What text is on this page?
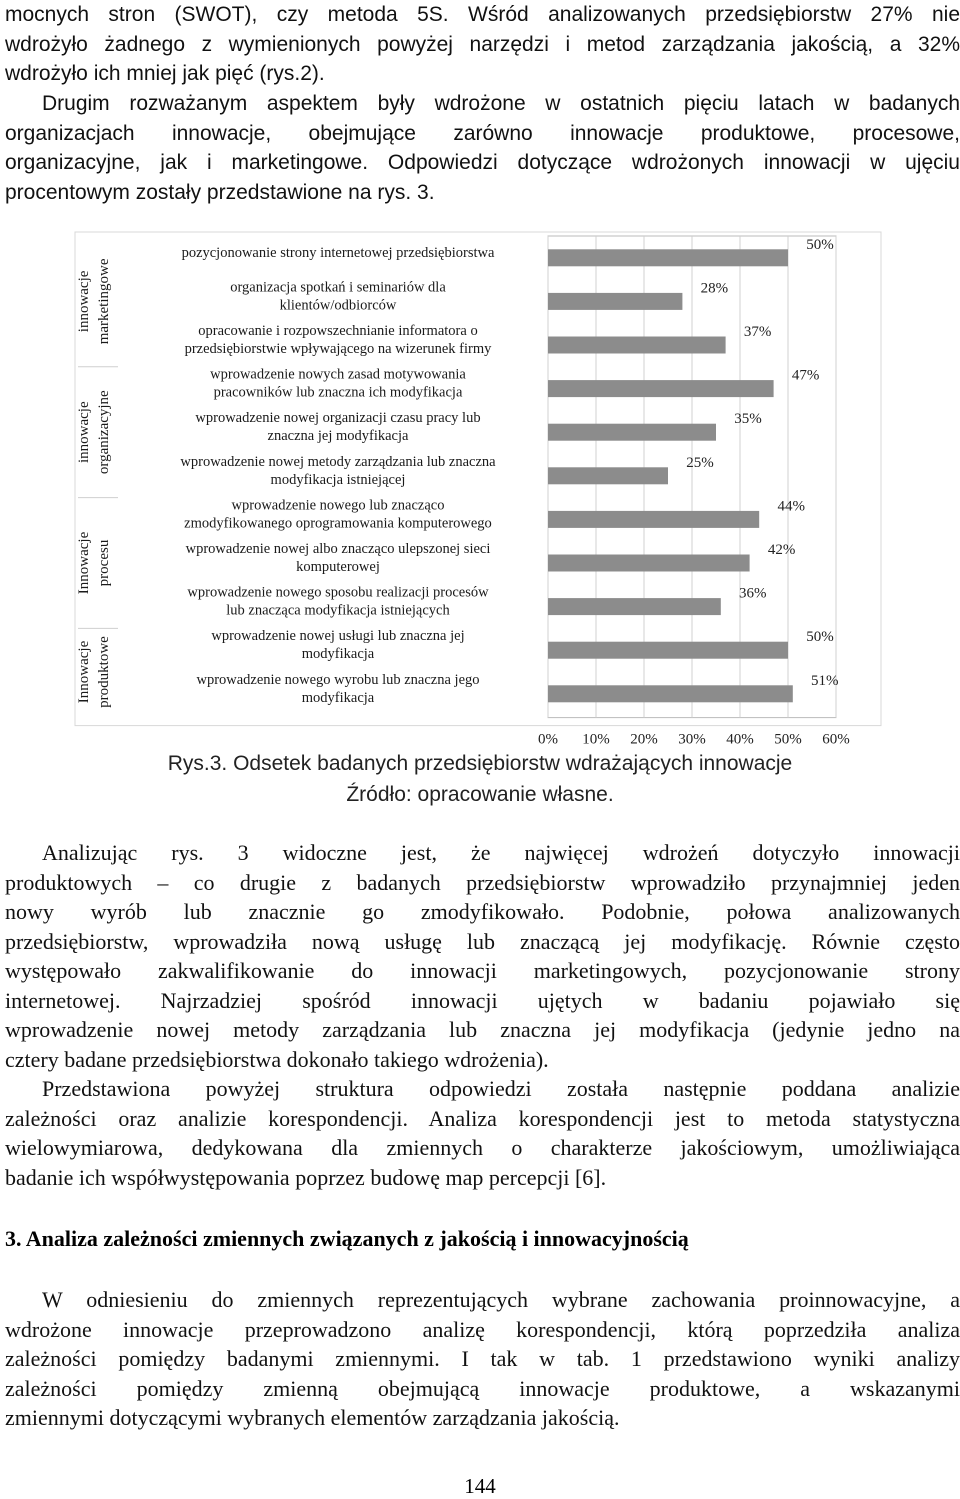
mocnych stron (SWOT), czy metoda 5S. Wśród analizowanych przedsiębiorstw 27% nie
wdrożyło żadnego z wymienionych powyżej narzędzi i metod zarządzania jakością, a 32%
wdrożyło ich mniej jak pięć (rys.2).
Drugim rozważanym aspektem były wdrożone w ostatnich pięciu latach w badanych
organizacjach innowacje, obejmujące zarówno innowacje produktowe, procesowe,
organizacyjne, jak i marketingowe. Odpowiedzi dotyczące wdrożonych innowacji w ujęciu
procentowym zostały przedstawione na rys. 3.
innowacje marketingowe
innowacje organizacyjne
Innowacje procesu
Innowacje produktowe
pozycjonowanie strony internetowej przedsiębiorstwa
organizacja spotkań i seminariów dla
klientów/odbiorców
opracowanie i rozpowszechnianie informatora o
przedsiębiorstwie wpływającego na wizerunek firmy
wprowadzenie nowych zasad motywowania
pracowników lub znaczna ich modyfikacja
wprowadzenie nowej organizacji czasu pracy lub
znaczna jej modyfikacja
wprowadzenie nowej metody zarządzania lub znaczna
modyfikacja istniejącej
wprowadzenie nowego lub znacząco
zmodyfikowanego oprogramowania komputerowego
wprowadzenie nowej albo znacząco ulepszonej sieci
komputerowej
wprowadzenie nowego sposobu realizacji procesów
lub znacząca modyfikacja istniejących
wprowadzenie nowej usługi lub znaczna jej
modyfikacja
wprowadzenie nowego wyrobu lub znaczna jego
modyfikacja
50%
28%
37%
47%
35%
25%
44%
42%
36%
50%
51%
0% 10% 20% 30% 40% 50% 60%
Rys.3. Odsetek badanych przedsiębiorstw wdrażających innowacje
Źródło: opracowanie własne.
Analizując rys. 3 widoczne jest, że najwięcej wdrożeń dotyczyło innowacji
produktowych – co drugie z badanych przedsiębiorstw wprowadziło przynajmniej jeden
nowy wyrób lub znacznie go zmodyfikowało. Podobnie, połowa analizowanych
przedsiębiorstw, wprowadziła nową usługę lub znaczącą jej modyfikację. Równie często
występowało zakwalifikowanie do innowacji marketingowych, pozycjonowanie strony
internetowej. Najrzadziej spośród innowacji ujętych w badaniu pojawiało się
wprowadzenie nowej metody zarządzania lub znaczna jej modyfikacja (jedynie jedno na
cztery badane przedsiębiorstwa dokonało takiego wdrożenia).
Przedstawiona powyżej struktura odpowiedzi została następnie poddana analizie
zależności oraz analizie korespondencji. Analiza korespondencji jest to metoda statystyczna
wielowymiarowa, dedykowana dla zmiennych o charakterze jakościowym, umożliwiająca
badanie ich współwystępowania poprzez budowę map percepcji [6].
3. Analiza zależności zmiennych związanych z jakością i innowacyjnością
W odniesieniu do zmiennych reprezentujących wybrane zachowania proinnowacyjne, a
wdrożone innowacje przeprowadzono analizę korespondencji, którą poprzedziła analiza
zależności pomiędzy badanymi zmiennymi. I tak w tab. 1 przedstawiono wyniki analizy
zależności pomiędzy zmienną obejmującą innowacje produktowe, a wskazanymi
zmiennymi dotyczącymi wybranych elementów zarządzania jakością.
144
